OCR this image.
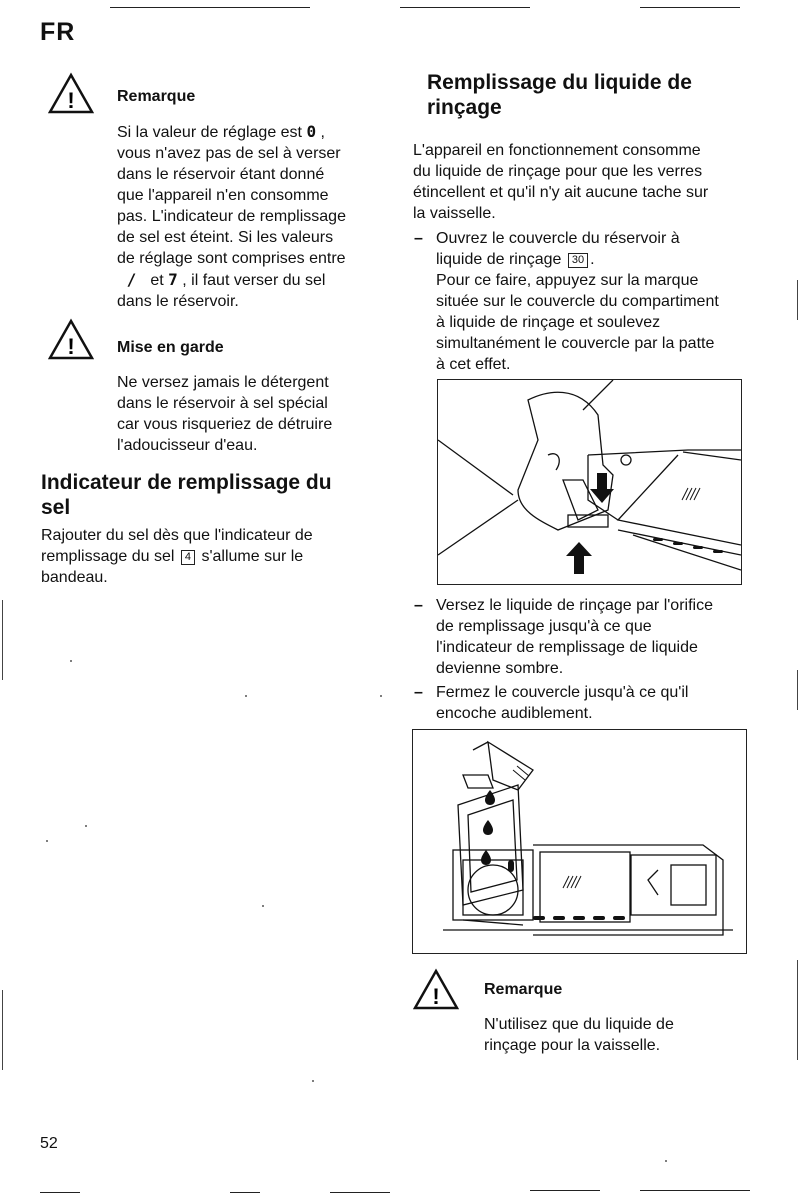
FR
!	Remarque
Si la valeur de réglage est 0 ,
vous n'avez pas de sel à verser
dans le réservoir étant donné
que l'appareil n'en consomme
pas. L'indicateur de remplissage
de sel est éteint. Si les valeurs
de réglage sont comprises entre
/  et 7 , il faut verser du sel
dans le réservoir.
!	Mise en garde
Ne versez jamais le détergent
dans le réservoir à sel spécial
car vous risqueriez de détruire
l'adoucisseur d'eau.
Indicateur de remplissage du
sel
Rajouter du sel dès que l'indicateur de
remplissage du sel 4 s'allume sur le
bandeau.
Remplissage du liquide de
rinçage
L'appareil en fonctionnement consomme
du liquide de rinçage pour que les verres
étincellent et qu'il n'y ait aucune tache sur
la vaisselle.
– Ouvrez le couvercle du réservoir à
liquide de rinçage 30 .
Pour ce faire, appuyez sur la marque
située sur le couvercle du compartiment
à liquide de rinçage et soulevez
simultanément le couvercle par la patte
à cet effet.
– Versez le liquide de rinçage par l'orifice
de remplissage jusqu'à ce que
l'indicateur de remplissage de liquide
devienne sombre.
– Fermez le couvercle jusqu'à ce qu'il
encoche audiblement.
!	Remarque
N'utilisez que du liquide de
rinçage pour la vaisselle.
52
